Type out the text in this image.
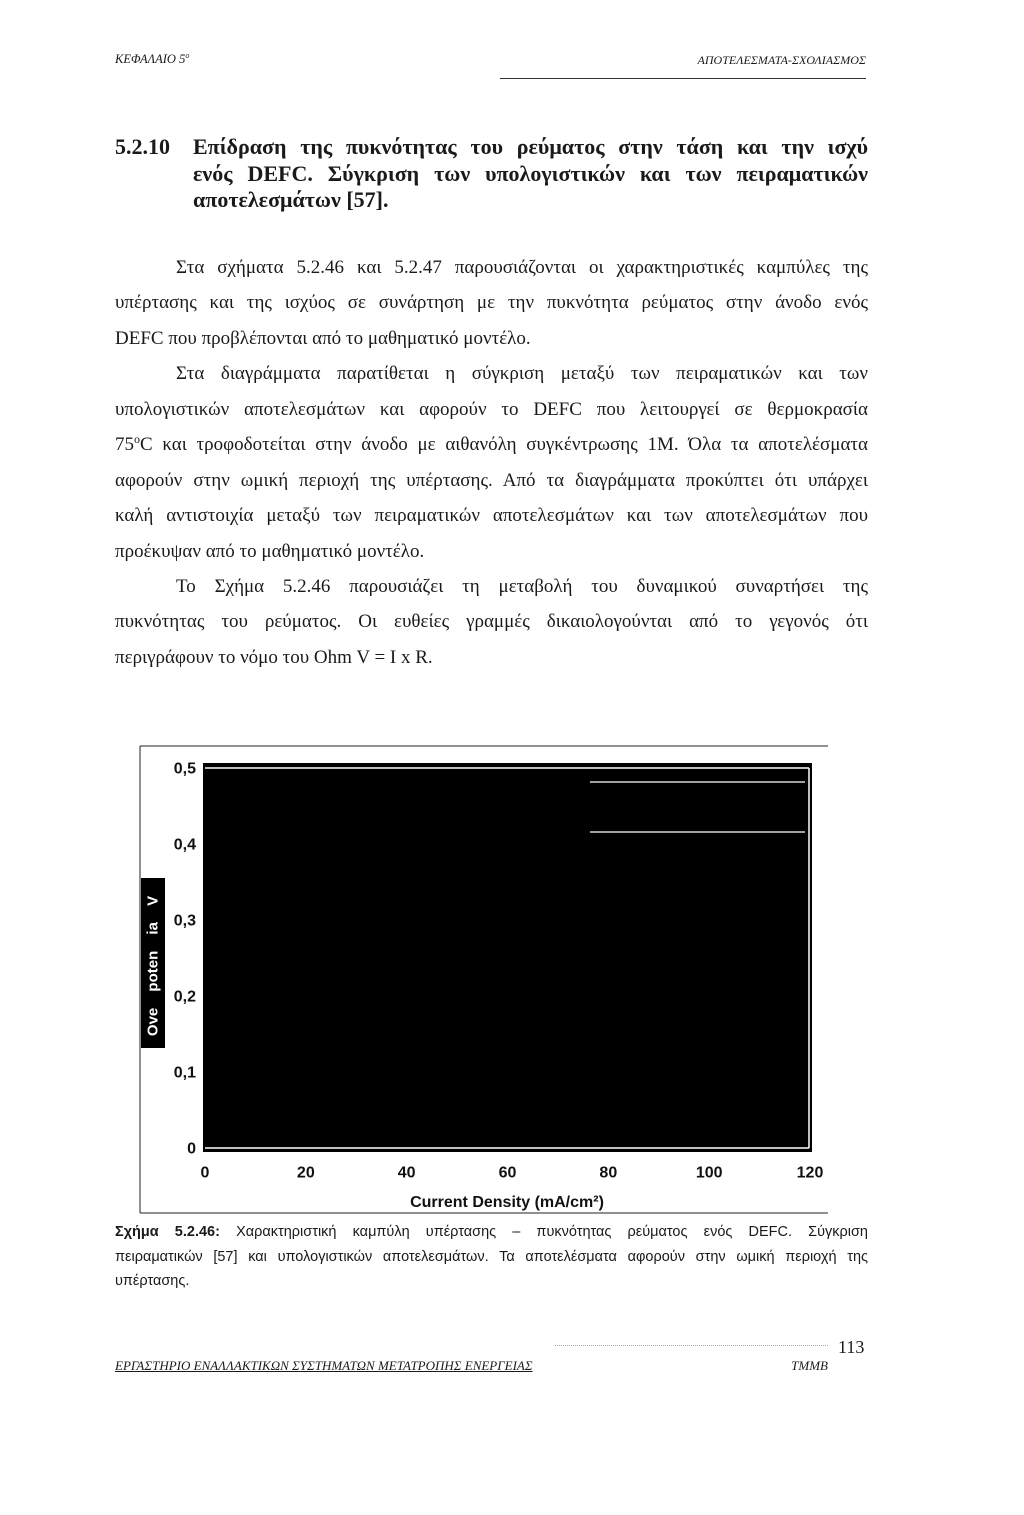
ΚΕΦΑΛΑΙΟ $5^o$	ΑΠΟΤΕΛΕΣΜΑΤΑ-ΣΧΟΛΙΑΣΜΟΣ
5.2.10 Επίδραση της πυκνότητας του ρεύματος στην τάση και την ισχύ
ενός DEFC. Σύγκριση των υπολογιστικών και των πειραματικών
αποτελεσμάτων [57].
Στα σχήματα 5.2.46 και 5.2.47 παρουσιάζονται οι χαρακτηριστικές καμπύλες της
υπέρτασης και της ισχύος σε συνάρτηση με την πυκνότητα ρεύματος στην άνοδο ενός
DEFC που προβλέπονται από το μαθηματικό μοντέλο.
Στα διαγράμματα παρατίθεται η σύγκριση μεταξύ των πειραματικών και των
υπολογιστικών αποτελεσμάτων και αφορούν το DEFC που λειτουργεί σε θερμοκρασία
75$^o$C και τροφοδοτείται στην άνοδο με αιθανόλη συγκέντρωσης 1M. Όλα τα αποτελέσματα
αφορούν στην ωμική περιοχή της υπέρτασης. Από τα διαγράμματα προκύπτει ότι υπάρχει
καλή αντιστοιχία μεταξύ των πειραματικών αποτελεσμάτων και των αποτελεσμάτων που
προέκυψαν από το μαθηματικό μοντέλο.
Το Σχήμα 5.2.46 παρουσιάζει τη μεταβολή του δυναμικού συναρτήσει της
πυκνότητας του ρεύματος. Οι ευθείες γραμμές δικαιολογούνται από το γεγονός ότι
περιγράφουν το νόμο του Ohm V = I x R.
Ove poten ia V
0
0,1
0,2
0,3
0,4
0,5
0	20	40	60	80	100	120
Current Density (mA/cm²)
Σχήμα 5.2.46: Χαρακτηριστική καμπύλη υπέρτασης – πυκνότητας ρεύματος ενός DEFC. Σύγκριση
πειραματικών [57] και υπολογιστικών αποτελεσμάτων. Τα αποτελέσματα αφορούν στην ωμική περιοχή της
υπέρτασης.
113
ΕΡΓΑΣΤΗΡΙΟ ΕΝΑΛΛΑΚΤΙΚΩΝ ΣΥΣΤΗΜΑΤΩΝ ΜΕΤΑΤΡΟΠΗΣ ΕΝΕΡΓΕΙΑΣ	ΤΜΜΒ
